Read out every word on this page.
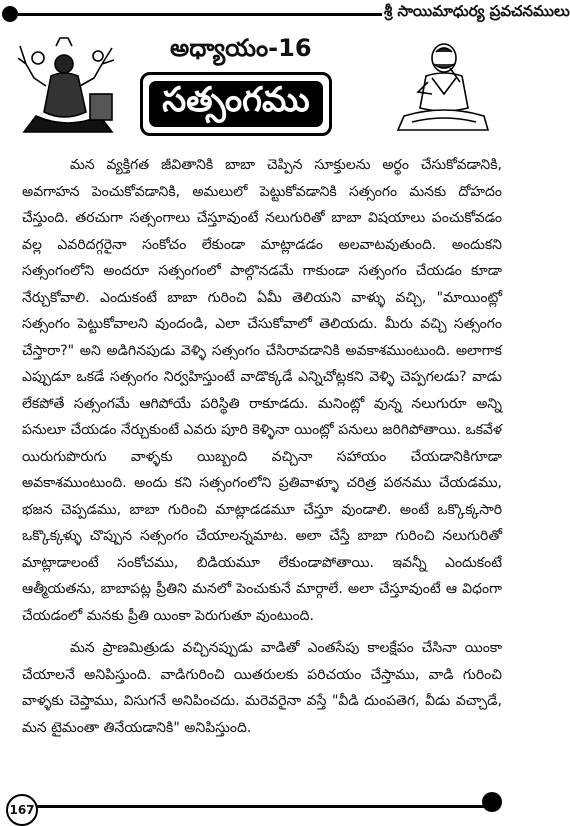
శ్రీ సాయిమాధుర్య ప్రవచనములు
అధ్యాయం-16
సత్సంగము

మన వ్యక్తిగత జీవితానికి బాబా చెప్పిన సూక్తులను అర్థం చేసుకోవడానికి, అవగాహన పెంచుకోవడానికి, అమలులో పెట్టుకోవడానికి సత్సంగం మనకు దోహదం చేస్తుంది. తరచుగా సత్సంగాలు చేస్తూవుంటే నలుగురితో బాబా విషయాలు పంచుకోవడం వల్ల ఎవరిదగ్గరైనా సంకోచం లేకుండా మాట్లాడడం అలవాటవుతుంది. అందుకని సత్సంగంలోని అందరూ సత్సంగంలో పాల్గొనడమే గాకుండా సత్సంగం చేయడం కూడా నేర్చుకోవాలి. ఎందుకంటే బాబా గురించి ఏమీ తెలియని వాళ్ళు వచ్చి, "మాయింట్లో సత్సంగం పెట్టుకోవాలని వుందండి, ఎలా చేసుకోవాలో తెలియదు. మీరు వచ్చి సత్సంగం చేస్తారా?" అని అడిగినపుడు వెళ్ళి సత్సంగం చేసిరావడానికి అవకాశముంటుంది. అలాగాక ఎప్పుడూ ఒకడే సత్సంగం నిర్వహిస్తుంటే వాడొక్కడే ఎన్నిచోట్లకని వెళ్ళి చెప్పగలడు? వాడు లేకపోతే సత్సంగమే ఆగిపోయే పరిస్థితి రాకూడదు. మనింట్లో వున్న నలుగురూ అన్ని పనులూ చేయడం నేర్చుకుంటే ఎవరు పూరి కెళ్ళినా యింట్లో పనులు జరిగిపోతాయి. ఒకవేళ యిరుగుపొరుగు వాళ్ళకు యిబ్బంది వచ్చినా సహాయం చేయడానికిగూడా అవకాశముంటుంది. అందు కని సత్సంగంలోని ప్రతివాళ్ళూ చరిత్ర పఠనము చేయడము, భజన చెప్పడము, బాబా గురించి మాట్లాడడమూ చేస్తూ వుండాలి. అంటే ఒక్కొక్కసారి ఒక్కొక్కళ్ళు చొప్పున సత్సంగం చేయాలన్నమాట. అలా చేస్తే బాబా గురించి నలుగురితో మాట్లాడాలంటే సంకోచము, బిడియమూ లేకుండాపోతాయి. ఇవన్నీ ఎందుకంటే ఆత్మీయతను, బాబాపట్ల ప్రీతిని మనలో పెంచుకునే మార్గాలే. అలా చేస్తూవుంటే ఆ విధంగా చేయడంలో మనకు ప్రీతి యింకా పెరుగుతూ వుంటుంది.

మన ప్రాణమిత్రుడు వచ్చినప్పుడు వాడితో ఎంతసేపు కాలక్షేపం చేసినా యింకా చేయాలనే అనిపిస్తుంది. వాడిగురించి యితరులకు పరిచయం చేస్తాము, వాడి గురించి వాళ్ళకు చెప్తాము, విసుగనే అనిపించదు. మరెవరైనా వస్తే "వీడి దుంపతెగ, వీడు వచ్చాడే, మన టైమంతా తినేయడానికి" అనిపిస్తుంది.

167
